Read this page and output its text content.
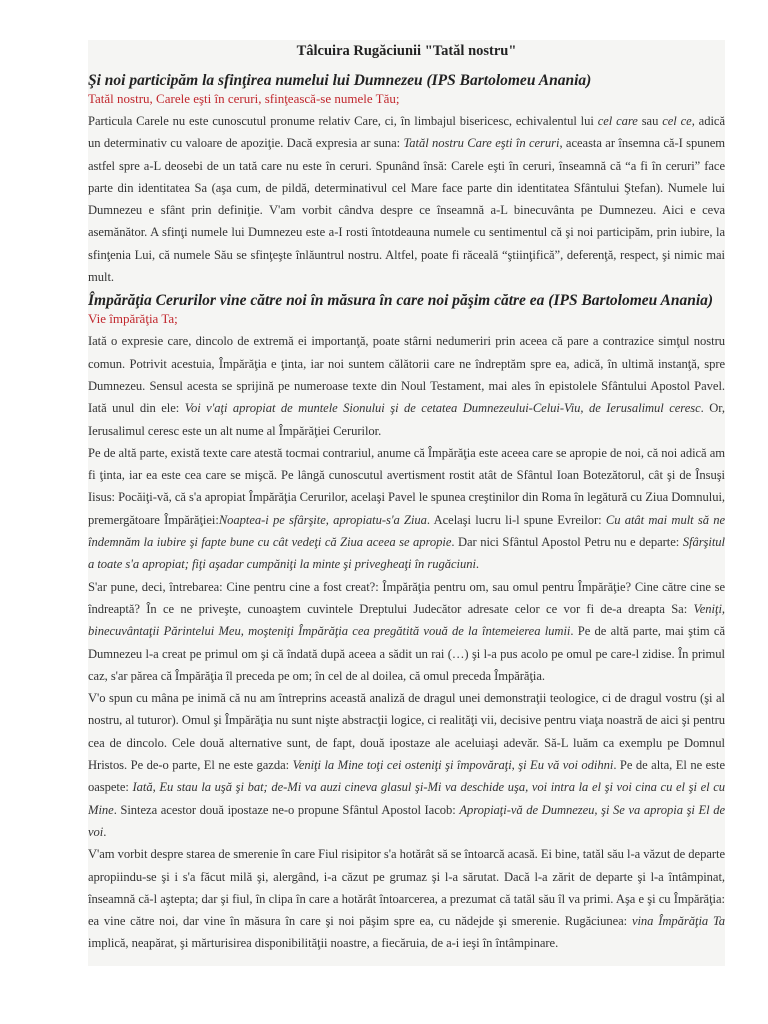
Tâlcuira Rugăciunii "Tatăl nostru"
Şi noi participăm la sfinţirea numelui lui Dumnezeu (IPS Bartolomeu Anania)
Tatăl nostru, Carele eşti în ceruri, sfinţească-se numele Tău;

Particula Carele nu este cunoscutul pronume relativ Care, ci, în limbajul bisericesc, echivalentul lui cel care sau cel ce, adică un determinativ cu valoare de apoziţie. Dacă expresia ar suna: Tatăl nostru Care eşti în ceruri, aceasta ar însemna că-I spunem astfel spre a-L deosebi de un tată care nu este în ceruri. Spunând însă: Carele eşti în ceruri, înseamnă că “a fi în ceruri” face parte din identitatea Sa (aşa cum, de pildă, determinativul cel Mare face parte din identitatea Sfântului Ştefan). Numele lui Dumnezeu e sfânt prin definiţie. V'am vorbit cândva despre ce înseamnă a-L binecuvânta pe Dumnezeu. Aici e ceva asemănător. A sfinţi numele lui Dumnezeu este a-I rosti întotdeauna numele cu sentimentul că şi noi participăm, prin iubire, la sfinţenia Lui, că numele Său se sfinţeşte înlăuntrul nostru. Altfel, poate fi răceală “ştiinţifică”, deferenţă, respect, şi nimic mai mult.

Împărăţia Cerurilor vine către noi în măsura în care noi păşim către ea (IPS Bartolomeu Anania)
Vie împărăţia Ta;

Iată o expresie care, dincolo de extremă ei importanţă, poate stârni nedumeriri prin aceea că pare a contrazice simţul nostru comun. Potrivit acestuia, Împărăţia e ţinta, iar noi suntem călătorii care ne îndreptăm spre ea, adică, în ultimă instanţă, spre Dumnezeu. Sensul acesta se sprijină pe numeroase texte din Noul Testament, mai ales în epistolele Sfântului Apostol Pavel. Iată unul din ele: Voi v'aţi apropiat de muntele Sionului şi de cetatea Dumnezeului-Celui-Viu, de Ierusalimul ceresc. Or, Ierusalimul ceresc este un alt nume al Împărăţiei Cerurilor.

Pe de altă parte, există texte care atestă tocmai contrariul, anume că Împărăţia este aceea care se apropie de noi, că noi adică am fi ţinta, iar ea este cea care se mişcă. Pe lângă cunoscutul avertisment rostit atât de Sfântul Ioan Botezătorul, cât şi de Însuşi Iisus: Pocăiţi-vă, că s'a apropiat Împărăţia Cerurilor, acelaşi Pavel le spunea creştinilor din Roma în legătură cu Ziua Domnului, premergătoare Împărăţiei:Noaptea-i pe sfârşite, apropiatu-s'a Ziua. Acelaşi lucru li-l spune Evreilor: Cu atât mai mult să ne îndemnăm la iubire şi fapte bune cu cât vedeţi că Ziua aceea se apropie. Dar nici Sfântul Apostol Petru nu e departe: Sfârşitul a toate s'a apropiat; fiţi aşadar cumpăniţi la minte şi privegheaţi în rugăciuni.

S'ar pune, deci, întrebarea: Cine pentru cine a fost creat?: Împărăţia pentru om, sau omul pentru Împărăţie? Cine către cine se îndreaptă? În ce ne priveşte, cunoaştem cuvintele Dreptului Judecător adresate celor ce vor fi de-a dreapta Sa: Veniţi, binecuvântaţii Părintelui Meu, moşteniţi Împărăţia cea pregătită vouă de la întemeierea lumii. Pe de altă parte, mai ştim că Dumnezeu l-a creat pe primul om şi că îndată după aceea a sădit un rai (…) şi l-a pus acolo pe omul pe care-l zidise. În primul caz, s'ar părea că Împărăţia îl preceda pe om; în cel de al doilea, că omul preceda Împărăţia.

V'o spun cu mâna pe inimă că nu am întreprins această analiză de dragul unei demonstraţii teologice, ci de dragul vostru (şi al nostru, al tuturor). Omul şi Împărăţia nu sunt nişte abstracţii logice, ci realităţi vii, decisive pentru viaţa noastră de aici şi pentru cea de dincolo. Cele două alternative sunt, de fapt, două ipostaze ale aceluiaşi adevăr. Să-L luăm ca exemplu pe Domnul Hristos. Pe de-o parte, El ne este gazda: Veniţi la Mine toţi cei osteniţi şi împovăraţi, şi Eu vă voi odihni. Pe de alta, El ne este oaspete: Iată, Eu stau la uşă şi bat; de-Mi va auzi cineva glasul şi-Mi va deschide uşa, voi intra la el şi voi cina cu el şi el cu Mine. Sinteza acestor două ipostaze ne-o propune Sfântul Apostol Iacob: Apropiaţi-vă de Dumnezeu, şi Se va apropia şi El de voi.

V'am vorbit despre starea de smerenie în care Fiul risipitor s'a hotărât să se întoarcă acasă. Ei bine, tatăl său l-a văzut de departe apropiindu-se şi i s'a făcut milă şi, alergând, i-a căzut pe grumaz şi l-a sărutat. Dacă l-a zărit de departe şi l-a întâmpinat, înseamnă că-l aştepta; dar şi fiul, în clipa în care a hotărât întoarcerea, a prezumat că tatăl său îl va primi. Aşa e şi cu Împărăţia: ea vine către noi, dar vine în măsura în care şi noi păşim spre ea, cu nădejde şi smerenie. Rugăciunea: vina Împărăţia Ta implică, neapărat, şi mărturisirea disponibilităţii noastre, a fiecăruia, de a-i ieşi în întâmpinare.
